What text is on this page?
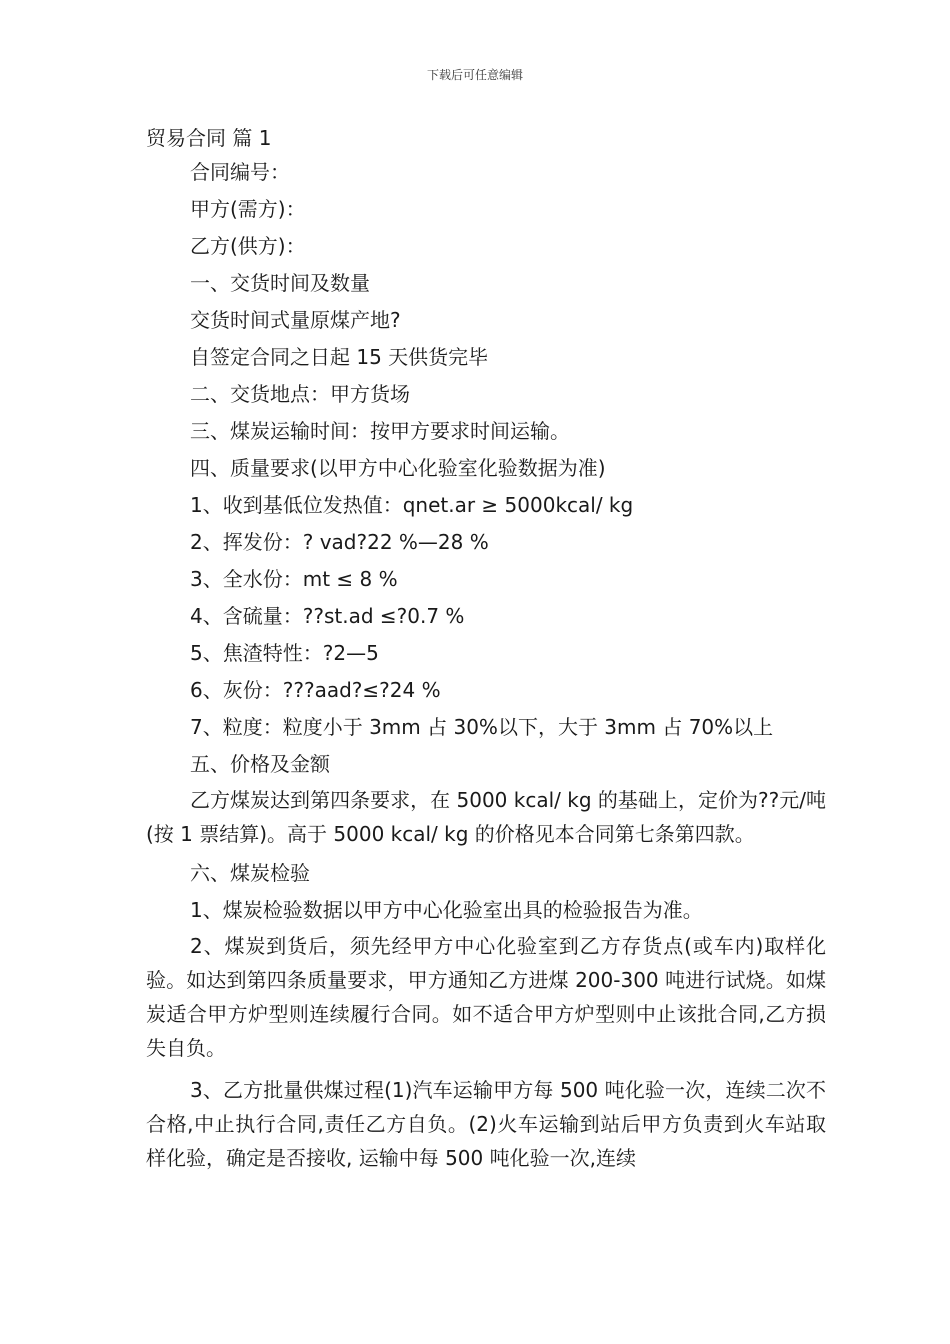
下载后可任意编辑
贸易合同 篇 1

合同编号：

甲方(需方)：

乙方(供方)：

一、交货时间及数量

交货时间式量原煤产地?

自签定合同之日起 15 天供货完毕

二、交货地点：甲方货场

三、煤炭运输时间：按甲方要求时间运输。

四、质量要求(以甲方中心化验室化验数据为准)

1、收到基低位发热值：qnet.ar ≥ 5000kcal/ kg

2、挥发份：? vad?22 %—28 %

3、全水份：mt ≤ 8 %

4、含硫量：??st.ad ≤?0.7 %

5、焦渣特性：?2—5

6、灰份：???aad?≤?24 %

7、粒度：粒度小于 3mm 占 30%以下，大于 3mm 占 70%以上

五、价格及金额

乙方煤炭达到第四条要求，在 5000 kcal/ kg 的基础上，定价为??元/吨(按 1 票结算)。高于 5000 kcal/ kg 的价格见本合同第七条第四款。

六、煤炭检验

1、煤炭检验数据以甲方中心化验室出具的检验报告为准。

2、煤炭到货后，须先经甲方中心化验室到乙方存货点(或车内)取样化验。如达到第四条质量要求，甲方通知乙方进煤 200-300 吨进行试烧。如煤炭适合甲方炉型则连续履行合同。如不适合甲方炉型则中止该批合同,乙方损失自负。

3、乙方批量供煤过程(1)汽车运输甲方每 500 吨化验一次，连续二次不合格,中止执行合同,责任乙方自负。(2)火车运输到站后甲方负责到火车站取样化验，确定是否接收, 运输中每 500 吨化验一次,连续
